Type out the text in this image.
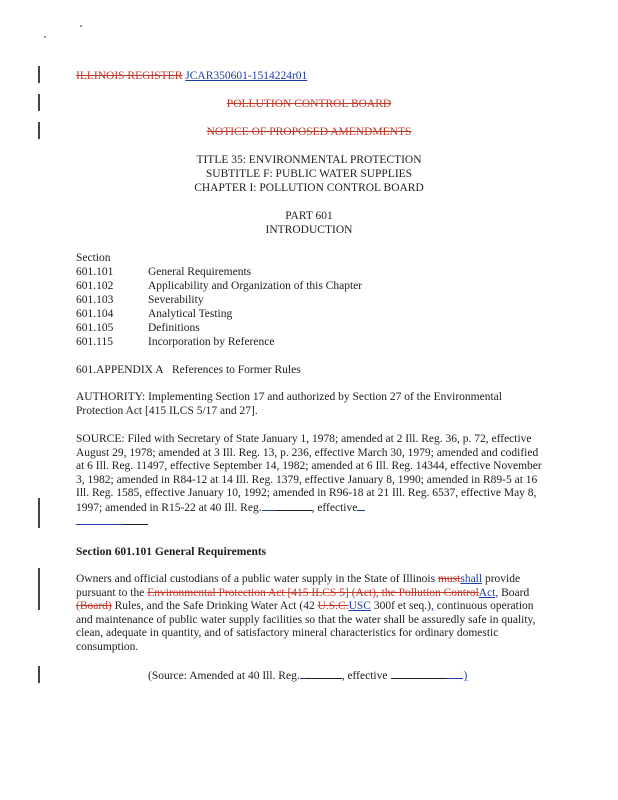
ILLINOIS REGISTER JCAR350601-1514224r01
POLLUTION CONTROL BOARD
NOTICE OF PROPOSED AMENDMENTS
TITLE 35: ENVIRONMENTAL PROTECTION
SUBTITLE F: PUBLIC WATER SUPPLIES
CHAPTER I: POLLUTION CONTROL BOARD
PART 601
INTRODUCTION
Section
601.101	General Requirements
601.102	Applicability and Organization of this Chapter
601.103	Severability
601.104	Analytical Testing
601.105	Definitions
601.115	Incorporation by Reference
601.APPENDIX A References to Former Rules
AUTHORITY: Implementing Section 17 and authorized by Section 27 of the Environmental Protection Act [415 ILCS 5/17 and 27].
SOURCE: Filed with Secretary of State January 1, 1978; amended at 2 Ill. Reg. 36, p. 72, effective August 29, 1978; amended at 3 Ill. Reg. 13, p. 236, effective March 30, 1979; amended and codified at 6 Ill. Reg. 11497, effective September 14, 1982; amended at 6 Ill. Reg. 14344, effective November 3, 1982; amended in R84-12 at 14 Ill. Reg. 1379, effective January 8, 1990; amended in R89-5 at 16 Ill. Reg. 1585, effective January 10, 1992; amended in R96-18 at 21 Ill. Reg. 6537, effective May 8, 1997; amended in R15-22 at 40 Ill. Reg.	, effective

Section 601.101 General Requirements
Owners and official custodians of a public water supply in the State of Illinois mustshall provide pursuant to the Environmental Protection Act [415 ILCS 5] (Act), the Pollution ControlAct, Board (Board) Rules, and the Safe Drinking Water Act (42 U.S.C.USC 300f et seq.), continuous operation and maintenance of public water supply facilities so that the water shall be assuredly safe in quality, clean, adequate in quantity, and of satisfactory mineral characteristics for ordinary domestic consumption.
(Source: Amended at 40 Ill. Reg.	, effective	)
